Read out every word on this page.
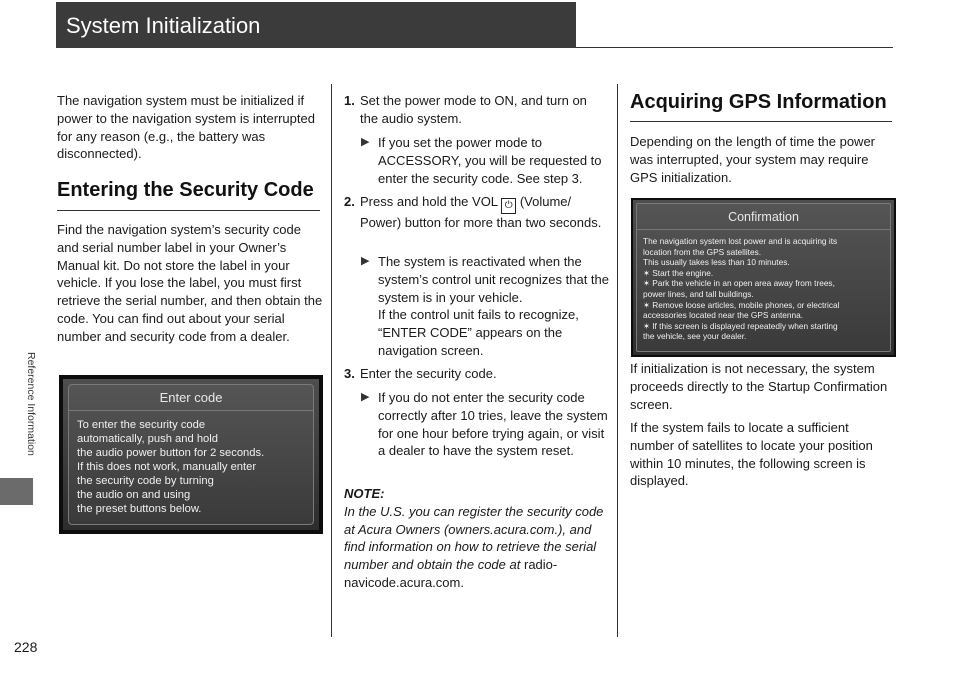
System Initialization
Reference Information
228

The navigation system must be initialized if power to the navigation system is interrupted for any reason (e.g., the battery was disconnected).

Entering the Security Code

Find the navigation system’s security code and serial number label in your Owner’s Manual kit. Do not store the label in your vehicle. If you lose the label, you must first retrieve the serial number, and then obtain the code. You can find out about your serial number and security code from a dealer.

Enter code

To enter the security code
automatically, push and hold
the audio power button for 2 seconds.
If this does not work, manually enter
the security code by turning
the audio on and using
the preset buttons below.

1. Set the power mode to ON, and turn on the audio system.
▶ If you set the power mode to ACCESSORY, you will be requested to enter the security code. See step 3.
2. Press and hold the VOL ⏻ (Volume/ Power) button for more than two seconds.
▶ The system is reactivated when the system’s control unit recognizes that the system is in your vehicle.
If the control unit fails to recognize, “ENTER CODE” appears on the navigation screen.
3. Enter the security code.
▶ If you do not enter the security code correctly after 10 tries, leave the system for one hour before trying again, or visit a dealer to have the system reset.
NOTE:
In the U.S. you can register the security code at Acura Owners (owners.acura.com.), and find information on how to retrieve the serial number and obtain the code at radio-navicode.acura.com.
Acquiring GPS Information

Depending on the length of time the power was interrupted, your system may require GPS initialization.

Confirmation

The navigation system lost power and is acquiring its
location from the GPS satellites.
This usually takes less than 10 minutes.
✶ Start the engine.
✶ Park the vehicle in an open area away from trees,
power lines, and tall buildings.
✶ Remove loose articles, mobile phones, or electrical
accessories located near the GPS antenna.
✶ If this screen is displayed repeatedly when starting
the vehicle, see your dealer.

If initialization is not necessary, the system proceeds directly to the Startup Confirmation screen.

If the system fails to locate a sufficient number of satellites to locate your position within 10 minutes, the following screen is displayed.
